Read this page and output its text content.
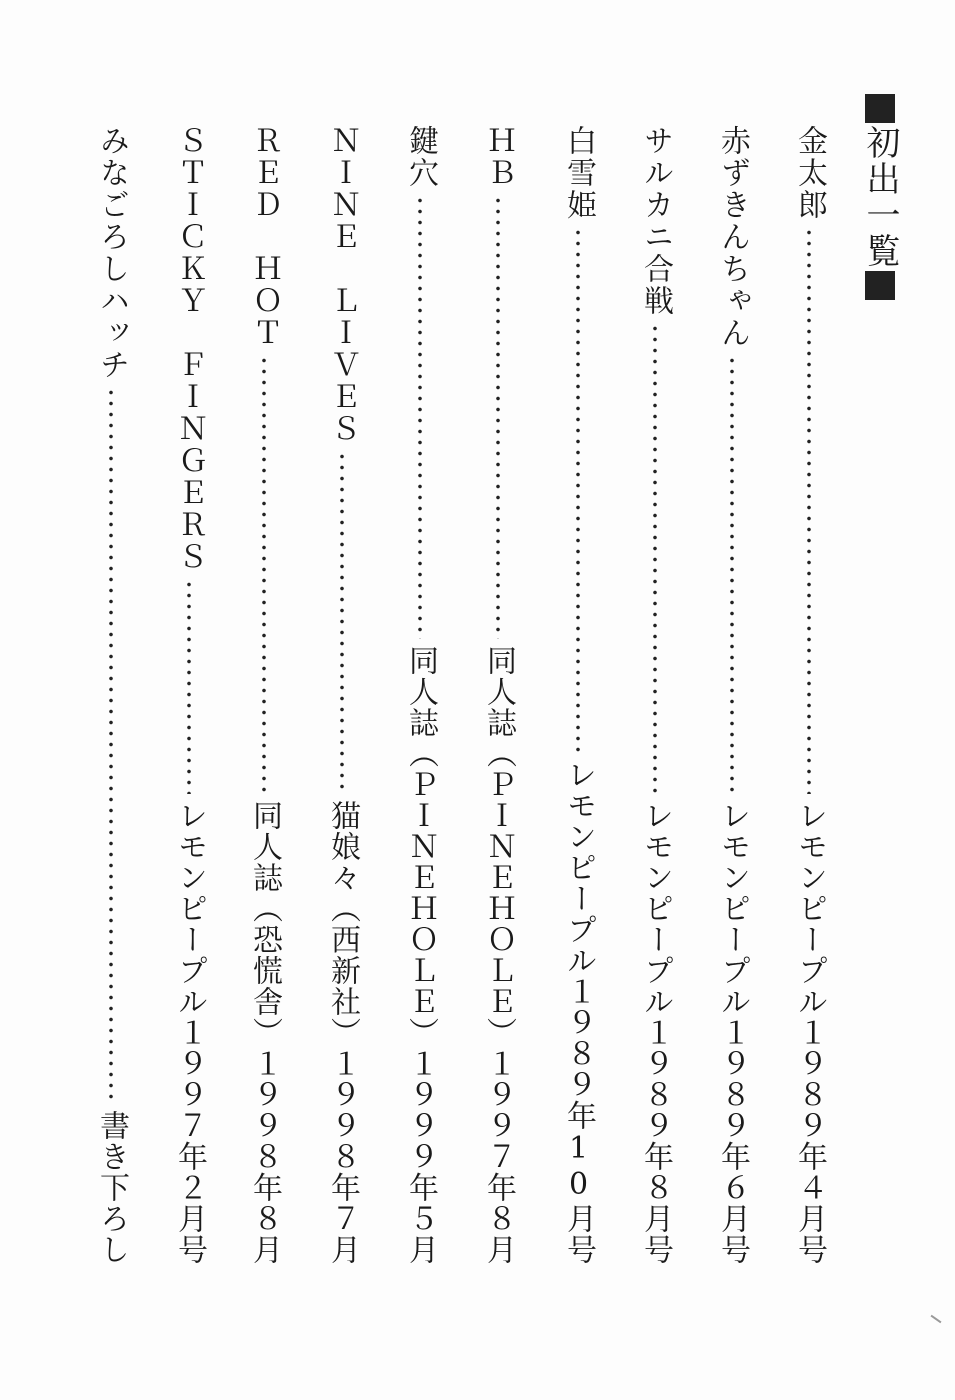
初出一覧
金太郎
レモンピープル１９８９年４月号
赤ずきんちゃん
レモンピープル１９８９年６月号
サルカニ合戦
レモンピープル１９８９年８月号
白雪姫
レモンピープル１９８９年10月号
ＨＢ
同人誌（ＰＩＮＥＨＯＬＥ）１９９７年８月
鍵穴
同人誌（ＰＩＮＥＨＯＬＥ）１９９９年５月
ＮＩＮＥ　ＬＩＶＥＳ
猫娘々（西新社）１９９８年７月
ＲＥＤ　ＨＯＴ
同人誌（恐慌舎）１９９８年８月
ＳＴＩＣＫＹ　ＦＩＮＧＥＲＳ
レモンピープル１９９７年２月号
みなごろしハッチ
書き下ろし
